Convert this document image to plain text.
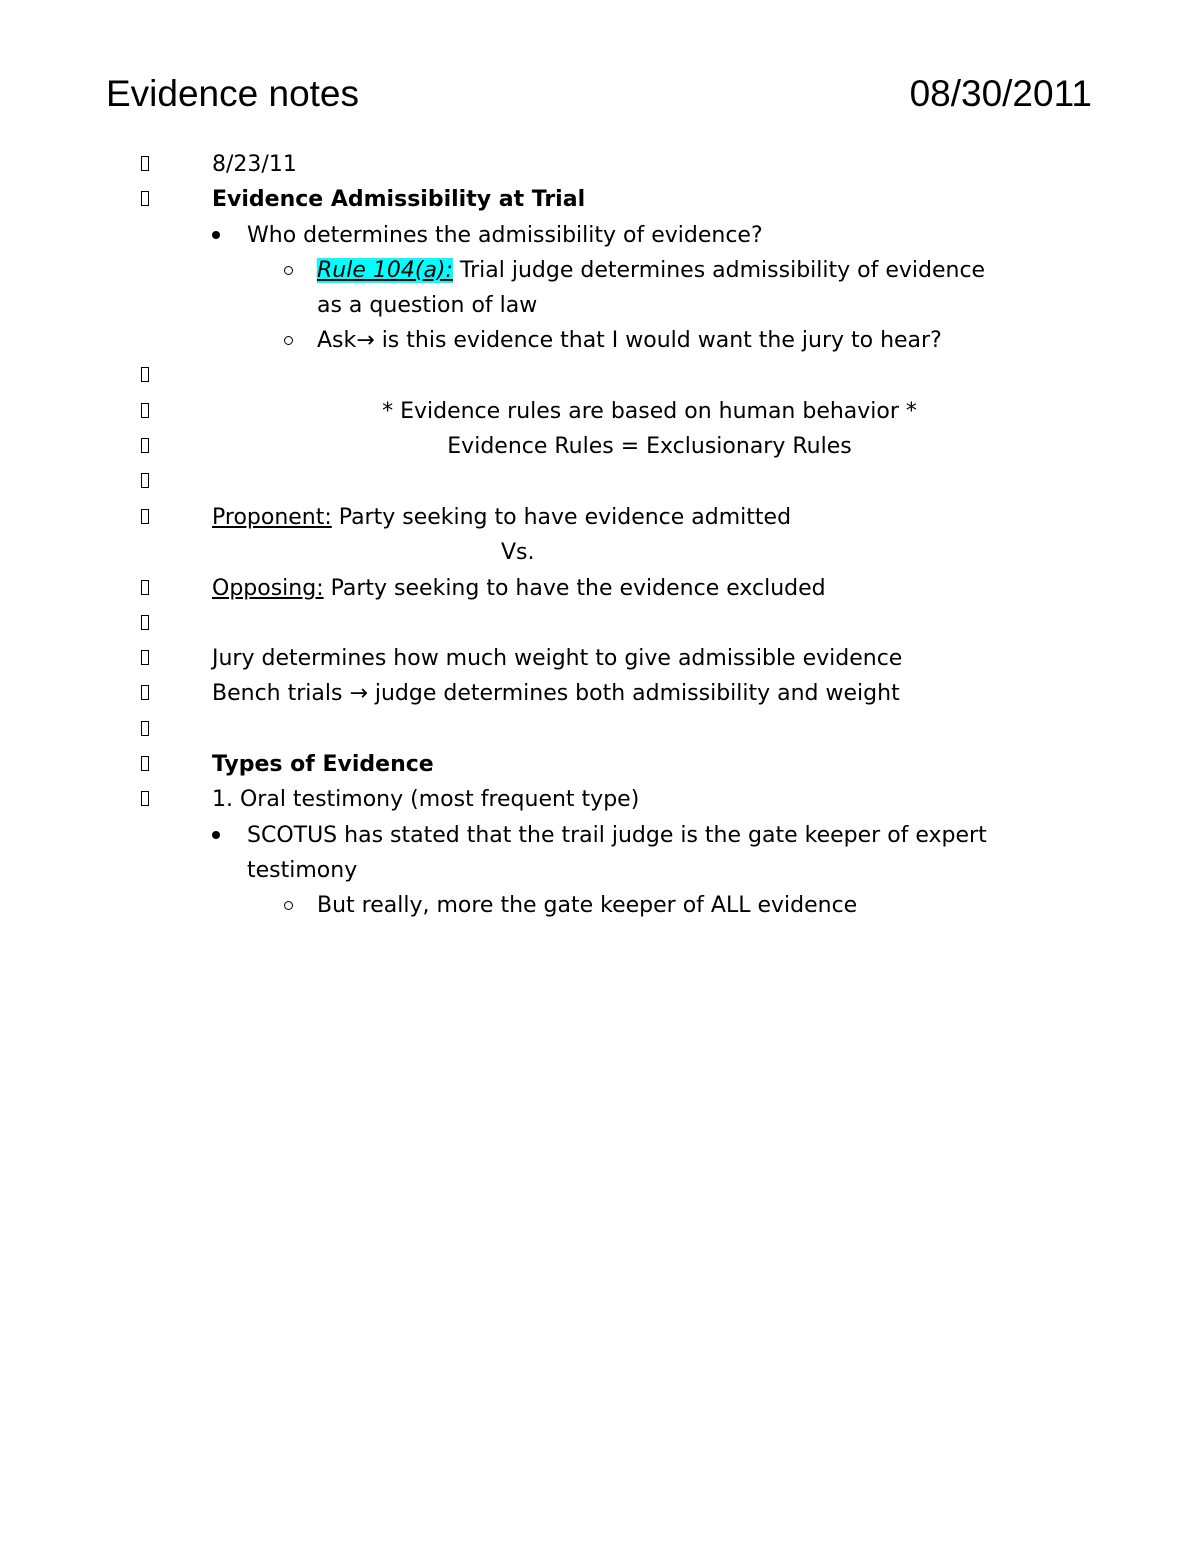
Evidence notes	08/30/2011
8/23/11
Evidence Admissibility at Trial
Who determines the admissibility of evidence?
Rule 104(a): Trial judge determines admissibility of evidence
as a question of law
Ask→ is this evidence that I would want the jury to hear?
* Evidence rules are based on human behavior *
Evidence Rules = Exclusionary Rules
Proponent: Party seeking to have evidence admitted
Vs.
Opposing: Party seeking to have the evidence excluded
Jury determines how much weight to give admissible evidence
Bench trials → judge determines both admissibility and weight
Types of Evidence
1. Oral testimony (most frequent type)
SCOTUS has stated that the trail judge is the gate keeper of expert
testimony
But really, more the gate keeper of ALL evidence
